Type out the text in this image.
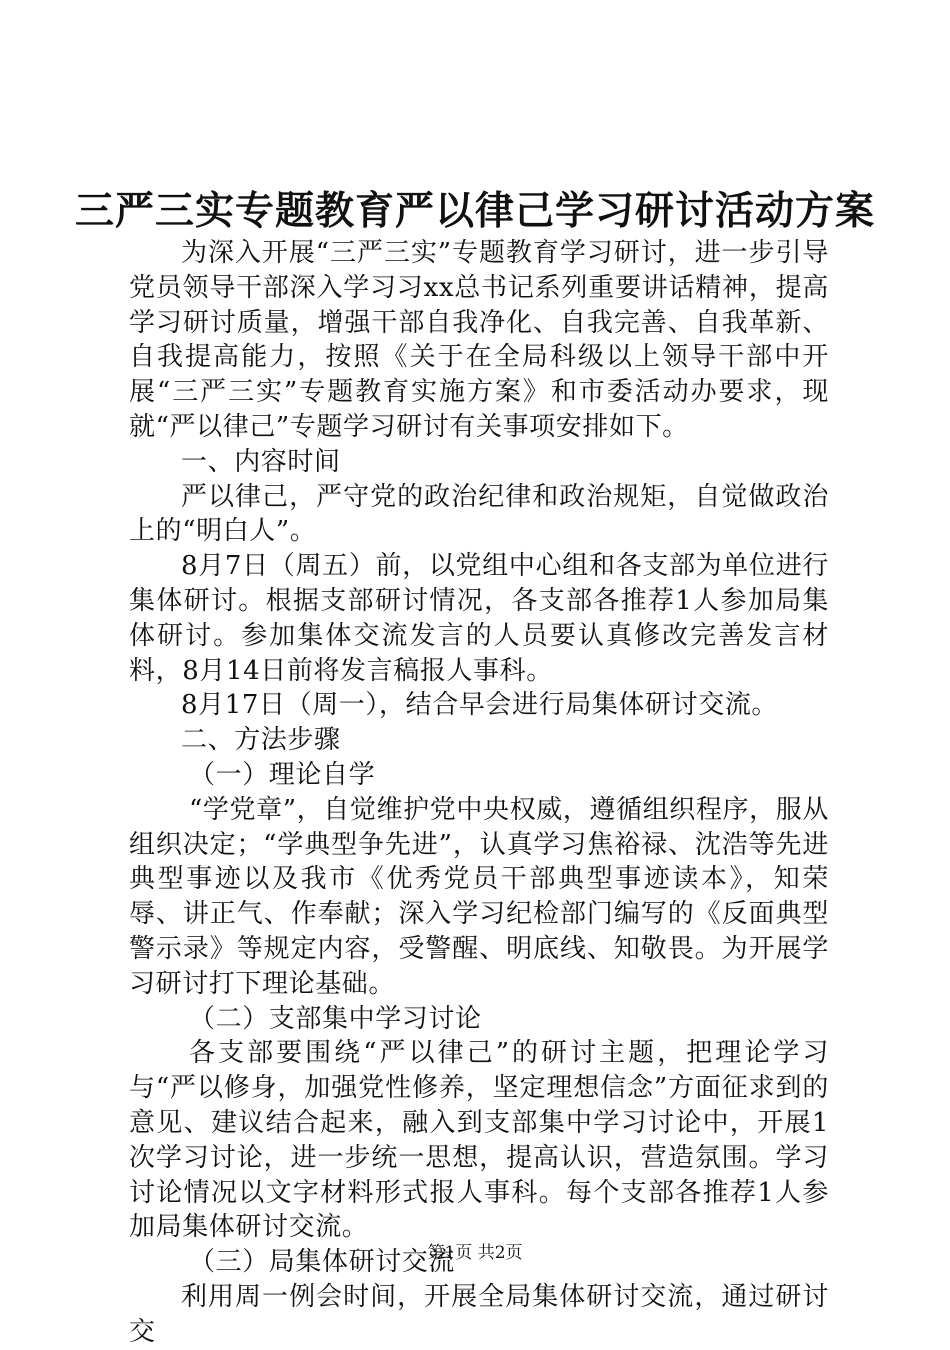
三严三实专题教育严以律己学习研讨活动方案

为深入开展“三严三实”专题教育学习研讨，进一步引导党员领导干部深入学习习xx总书记系列重要讲话精神，提高学习研讨质量，增强干部自我净化、自我完善、自我革新、自我提高能力，按照《关于在全局科级以上领导干部中开展“三严三实”专题教育实施方案》和市委活动办要求，现就“严以律己”专题学习研讨有关事项安排如下。

一、内容时间

严以律己，严守党的政治纪律和政治规矩，自觉做政治上的“明白人”。

8月7日（周五）前，以党组中心组和各支部为单位进行集体研讨。根据支部研讨情况，各支部各推荐1人参加局集体研讨。参加集体交流发言的人员要认真修改完善发言材料，8月14日前将发言稿报人事科。

8月17日（周一），结合早会进行局集体研讨交流。

二、方法步骤

（一）理论自学

“学党章”，自觉维护党中央权威，遵循组织程序，服从组织决定；“学典型争先进”，认真学习焦裕禄、沈浩等先进典型事迹以及我市《优秀党员干部典型事迹读本》，知荣辱、讲正气、作奉献；深入学习纪检部门编写的《反面典型警示录》等规定内容，受警醒、明底线、知敬畏。为开展学习研讨打下理论基础。

（二）支部集中学习讨论

各支部要围绕“严以律己”的研讨主题，把理论学习与“严以修身，加强党性修养，坚定理想信念”方面征求到的意见、建议结合起来，融入到支部集中学习讨论中，开展1次学习讨论，进一步统一思想，提高认识，营造氛围。学习讨论情况以文字材料形式报人事科。每个支部各推荐1人参加局集体研讨交流。

（三）局集体研讨交流

利用周一例会时间，开展全局集体研讨交流，通过研讨交

第1页 共2页
